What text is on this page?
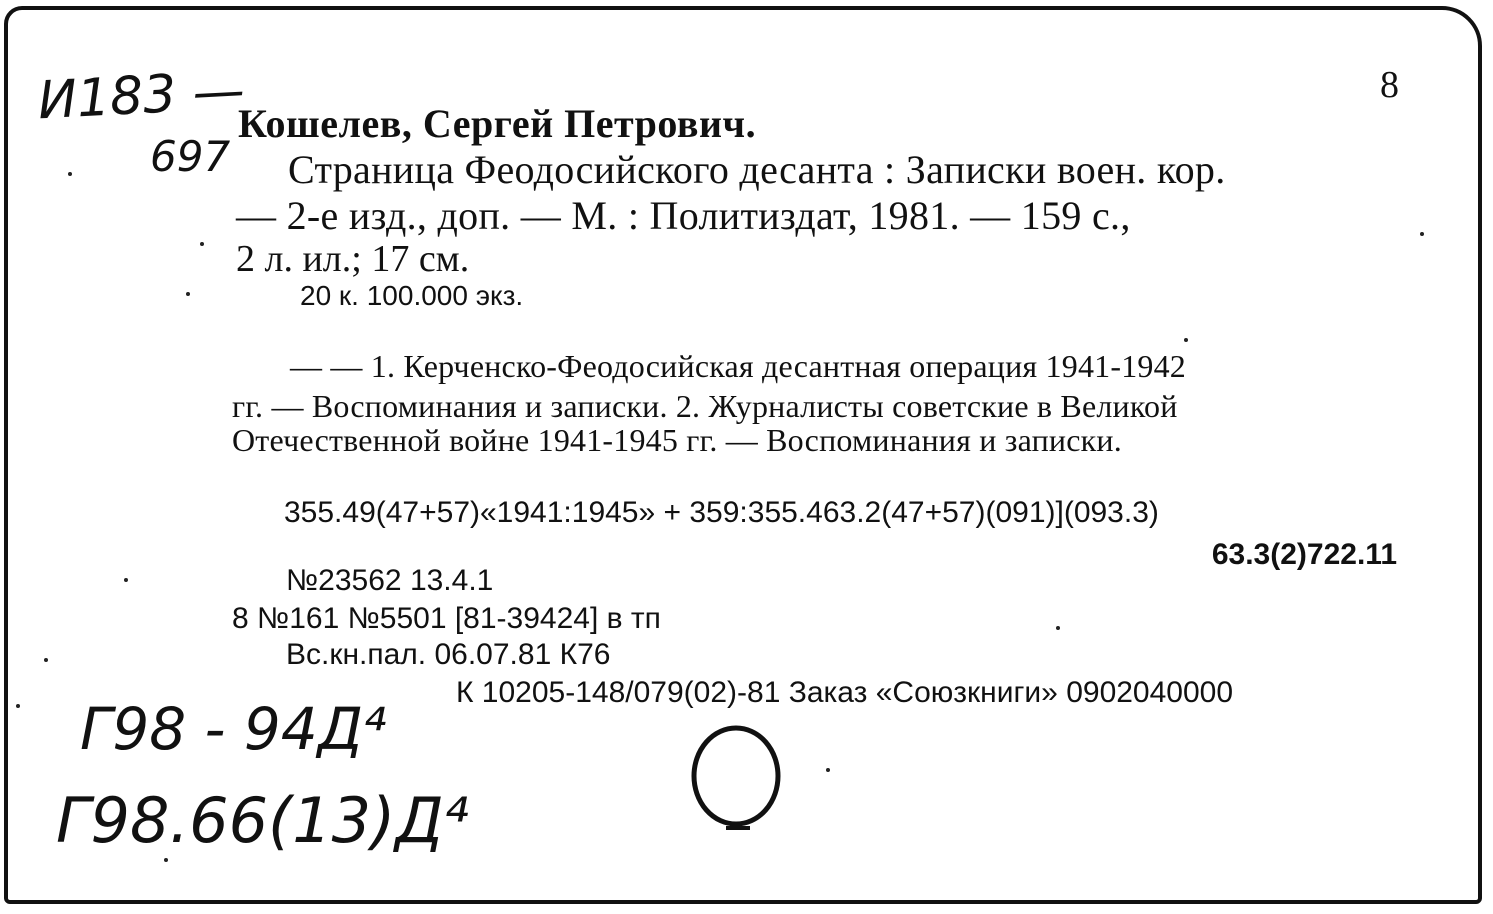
И183 —
697
Г98 - 94Д⁴
Г98.66(13)Д⁴
8
Кошелев, Сергей Петрович.
Страница Феодосийского десанта : Записки воен. кор.
— 2-е изд., доп. — М. : Политиздат, 1981. — 159 с.,
2 л. ил.; 17 см.
20 к. 100.000 экз.
— — 1. Керченско-Феодосийская десантная операция 1941-1942
гг. — Воспоминания и записки. 2. Журналисты советские в Великой
Отечественной войне 1941-1945 гг. — Воспоминания и записки.
355.49(47+57)«1941:1945» + 359:355.463.2(47+57)(091)](093.3)
63.3(2)722.11
№23562 13.4.1
8 №161 №5501 [81-39424] в тп
Вс.кн.пал. 06.07.81 К76
К 10205-148/079(02)-81 Заказ «Союзкниги» 0902040000
